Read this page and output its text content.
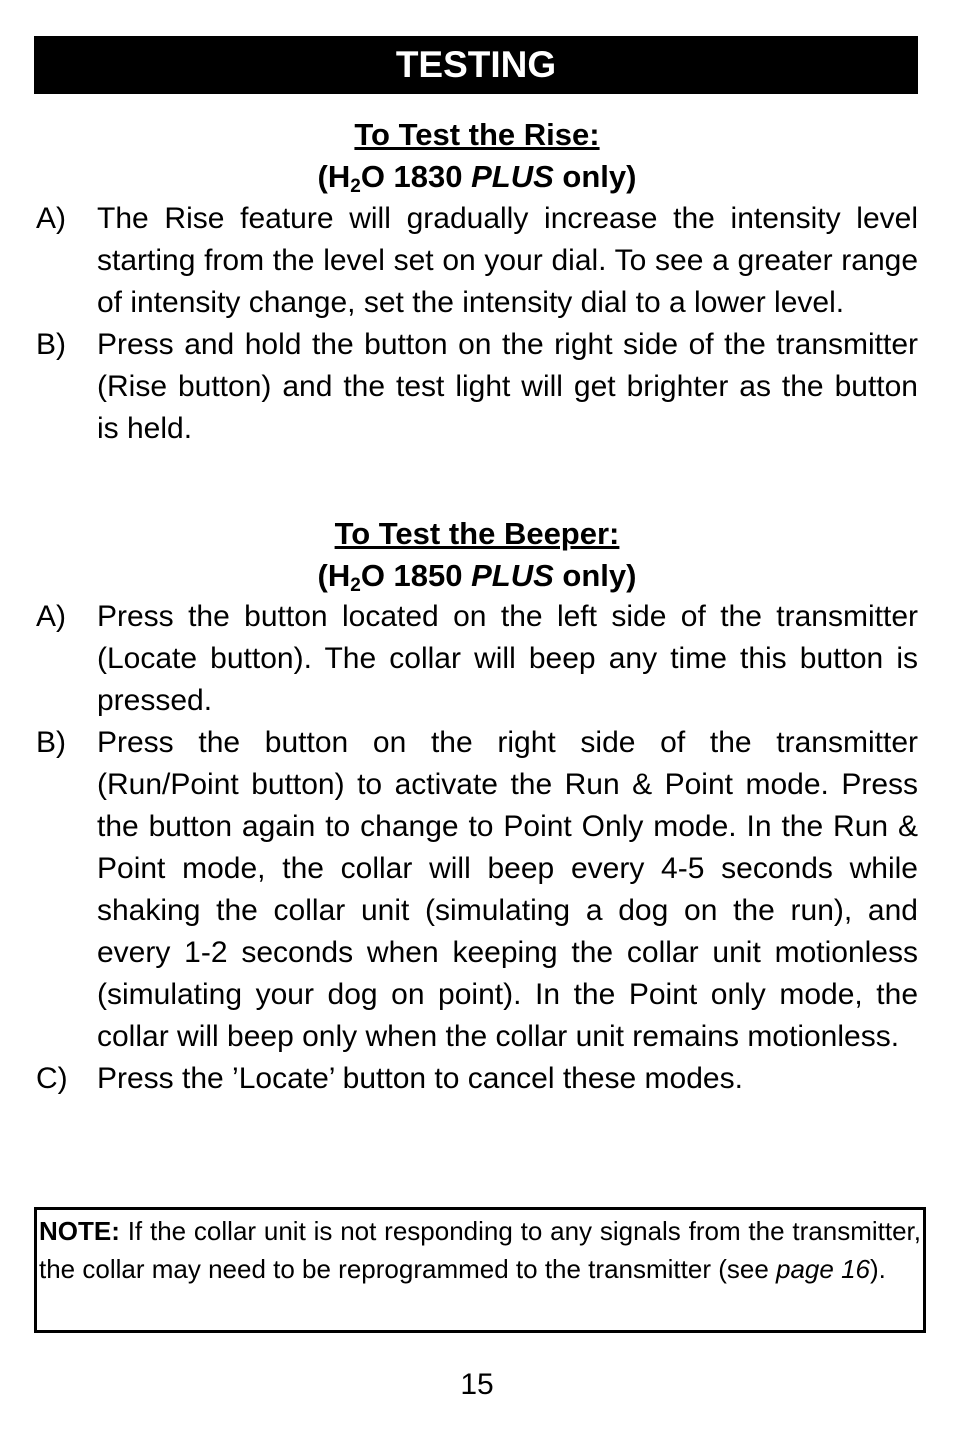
TESTING
To Test the Rise:
($H_2O$ 1830 PLUS only)
A)	The Rise feature will gradually increase the intensity level starting from the level set on your dial. To see a greater range of intensity change, set the intensity dial to a lower level.
B)	Press and hold the button on the right side of the transmitter (Rise button) and the test light will get brighter as the button is held.
To Test the Beeper:
($H_2O$ 1850 PLUS only)
A)	Press the button located on the left side of the transmitter (Locate button). The collar will beep any time this button is pressed.
B)	Press the button on the right side of the transmitter (Run/Point button) to activate the Run & Point mode. Press the button again to change to Point Only mode. In the Run & Point mode, the collar will beep every 4-5 seconds while shaking the collar unit (simulating a dog on the run), and every 1-2 seconds when keeping the collar unit motionless (simulating your dog on point). In the Point only mode, the collar will beep only when the collar unit remains motionless.
C) Press the ’Locate’ button to cancel these modes.
NOTE: If the collar unit is not responding to any signals from the transmitter, the collar may need to be reprogrammed to the transmitter (see page 16).
15
